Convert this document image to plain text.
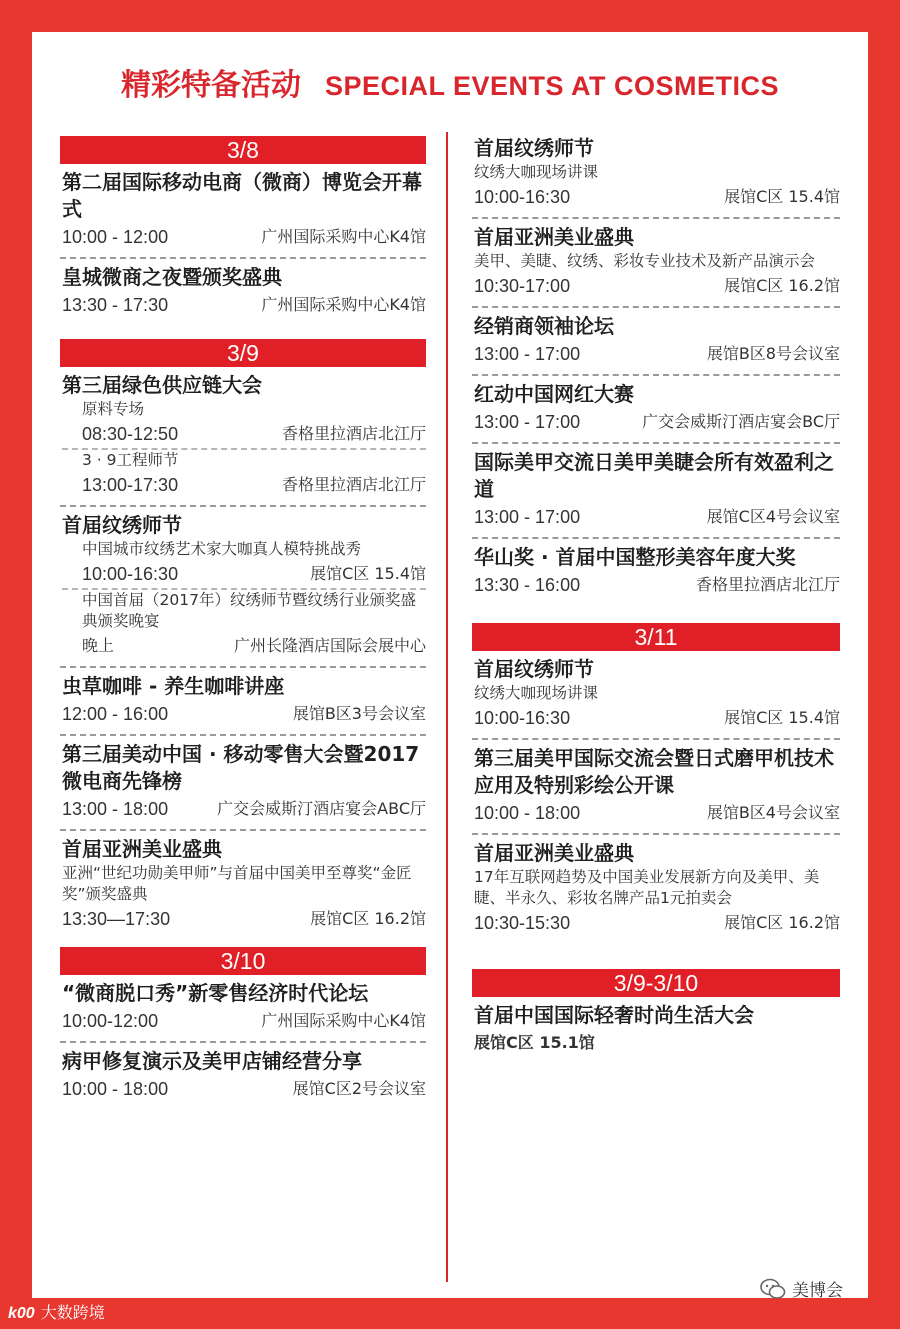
精彩特备活动 SPECIAL EVENTS AT COSMETICS
3/8
第二届国际移动电商（微商）博览会开幕式
10:00 - 12:00	广州国际采购中心K4馆
皇城微商之夜暨颁奖盛典
13:30 - 17:30	广州国际采购中心K4馆
3/9
第三届绿色供应链大会
原料专场
08:30-12:50	香格里拉酒店北江厅
3 · 9工程师节
13:00-17:30	香格里拉酒店北江厅
首届纹绣师节
中国城市纹绣艺术家大咖真人模特挑战秀
10:00-16:30	展馆C区 15.4馆
中国首届（2017年）纹绣师节暨纹绣行业颁奖盛典颁奖晚宴
晚上	广州长隆酒店国际会展中心
虫草咖啡 - 养生咖啡讲座
12:00 - 16:00	展馆B区3号会议室
第三届美动中国 · 移动零售大会暨2017微电商先锋榜
13:00 - 18:00	广交会威斯汀酒店宴会ABC厅
首届亚洲美业盛典
亚洲“世纪功勋美甲师”与首届中国美甲至尊奖“金匠奖”颁奖盛典
13:30—17:30	展馆C区 16.2馆
3/10
“微商脱口秀”新零售经济时代论坛
10:00-12:00	广州国际采购中心K4馆
病甲修复演示及美甲店铺经营分享
10:00 - 18:00	展馆C区2号会议室
首届纹绣师节
纹绣大咖现场讲课
10:00-16:30	展馆C区 15.4馆
首届亚洲美业盛典
美甲、美睫、纹绣、彩妆专业技术及新产品演示会
10:30-17:00	展馆C区 16.2馆
经销商领袖论坛
13:00 - 17:00	展馆B区8号会议室
红动中国网红大赛
13:00 - 17:00	广交会威斯汀酒店宴会BC厅
国际美甲交流日美甲美睫会所有效盈利之道
13:00 - 17:00	展馆C区4号会议室
华山奖 · 首届中国整形美容年度大奖
13:30 - 16:00	香格里拉酒店北江厅
3/11
首届纹绣师节
纹绣大咖现场讲课
10:00-16:30	展馆C区 15.4馆
第三届美甲国际交流会暨日式磨甲机技术应用及特别彩绘公开课
10:00 - 18:00	展馆B区4号会议室
首届亚洲美业盛典
17年互联网趋势及中国美业发展新方向及美甲、美睫、半永久、彩妆名牌产品1元拍卖会
10:30-15:30	展馆C区 16.2馆
3/9-3/10
首届中国国际轻奢时尚生活大会
展馆C区 15.1馆
k00 大数跨境
美博会
